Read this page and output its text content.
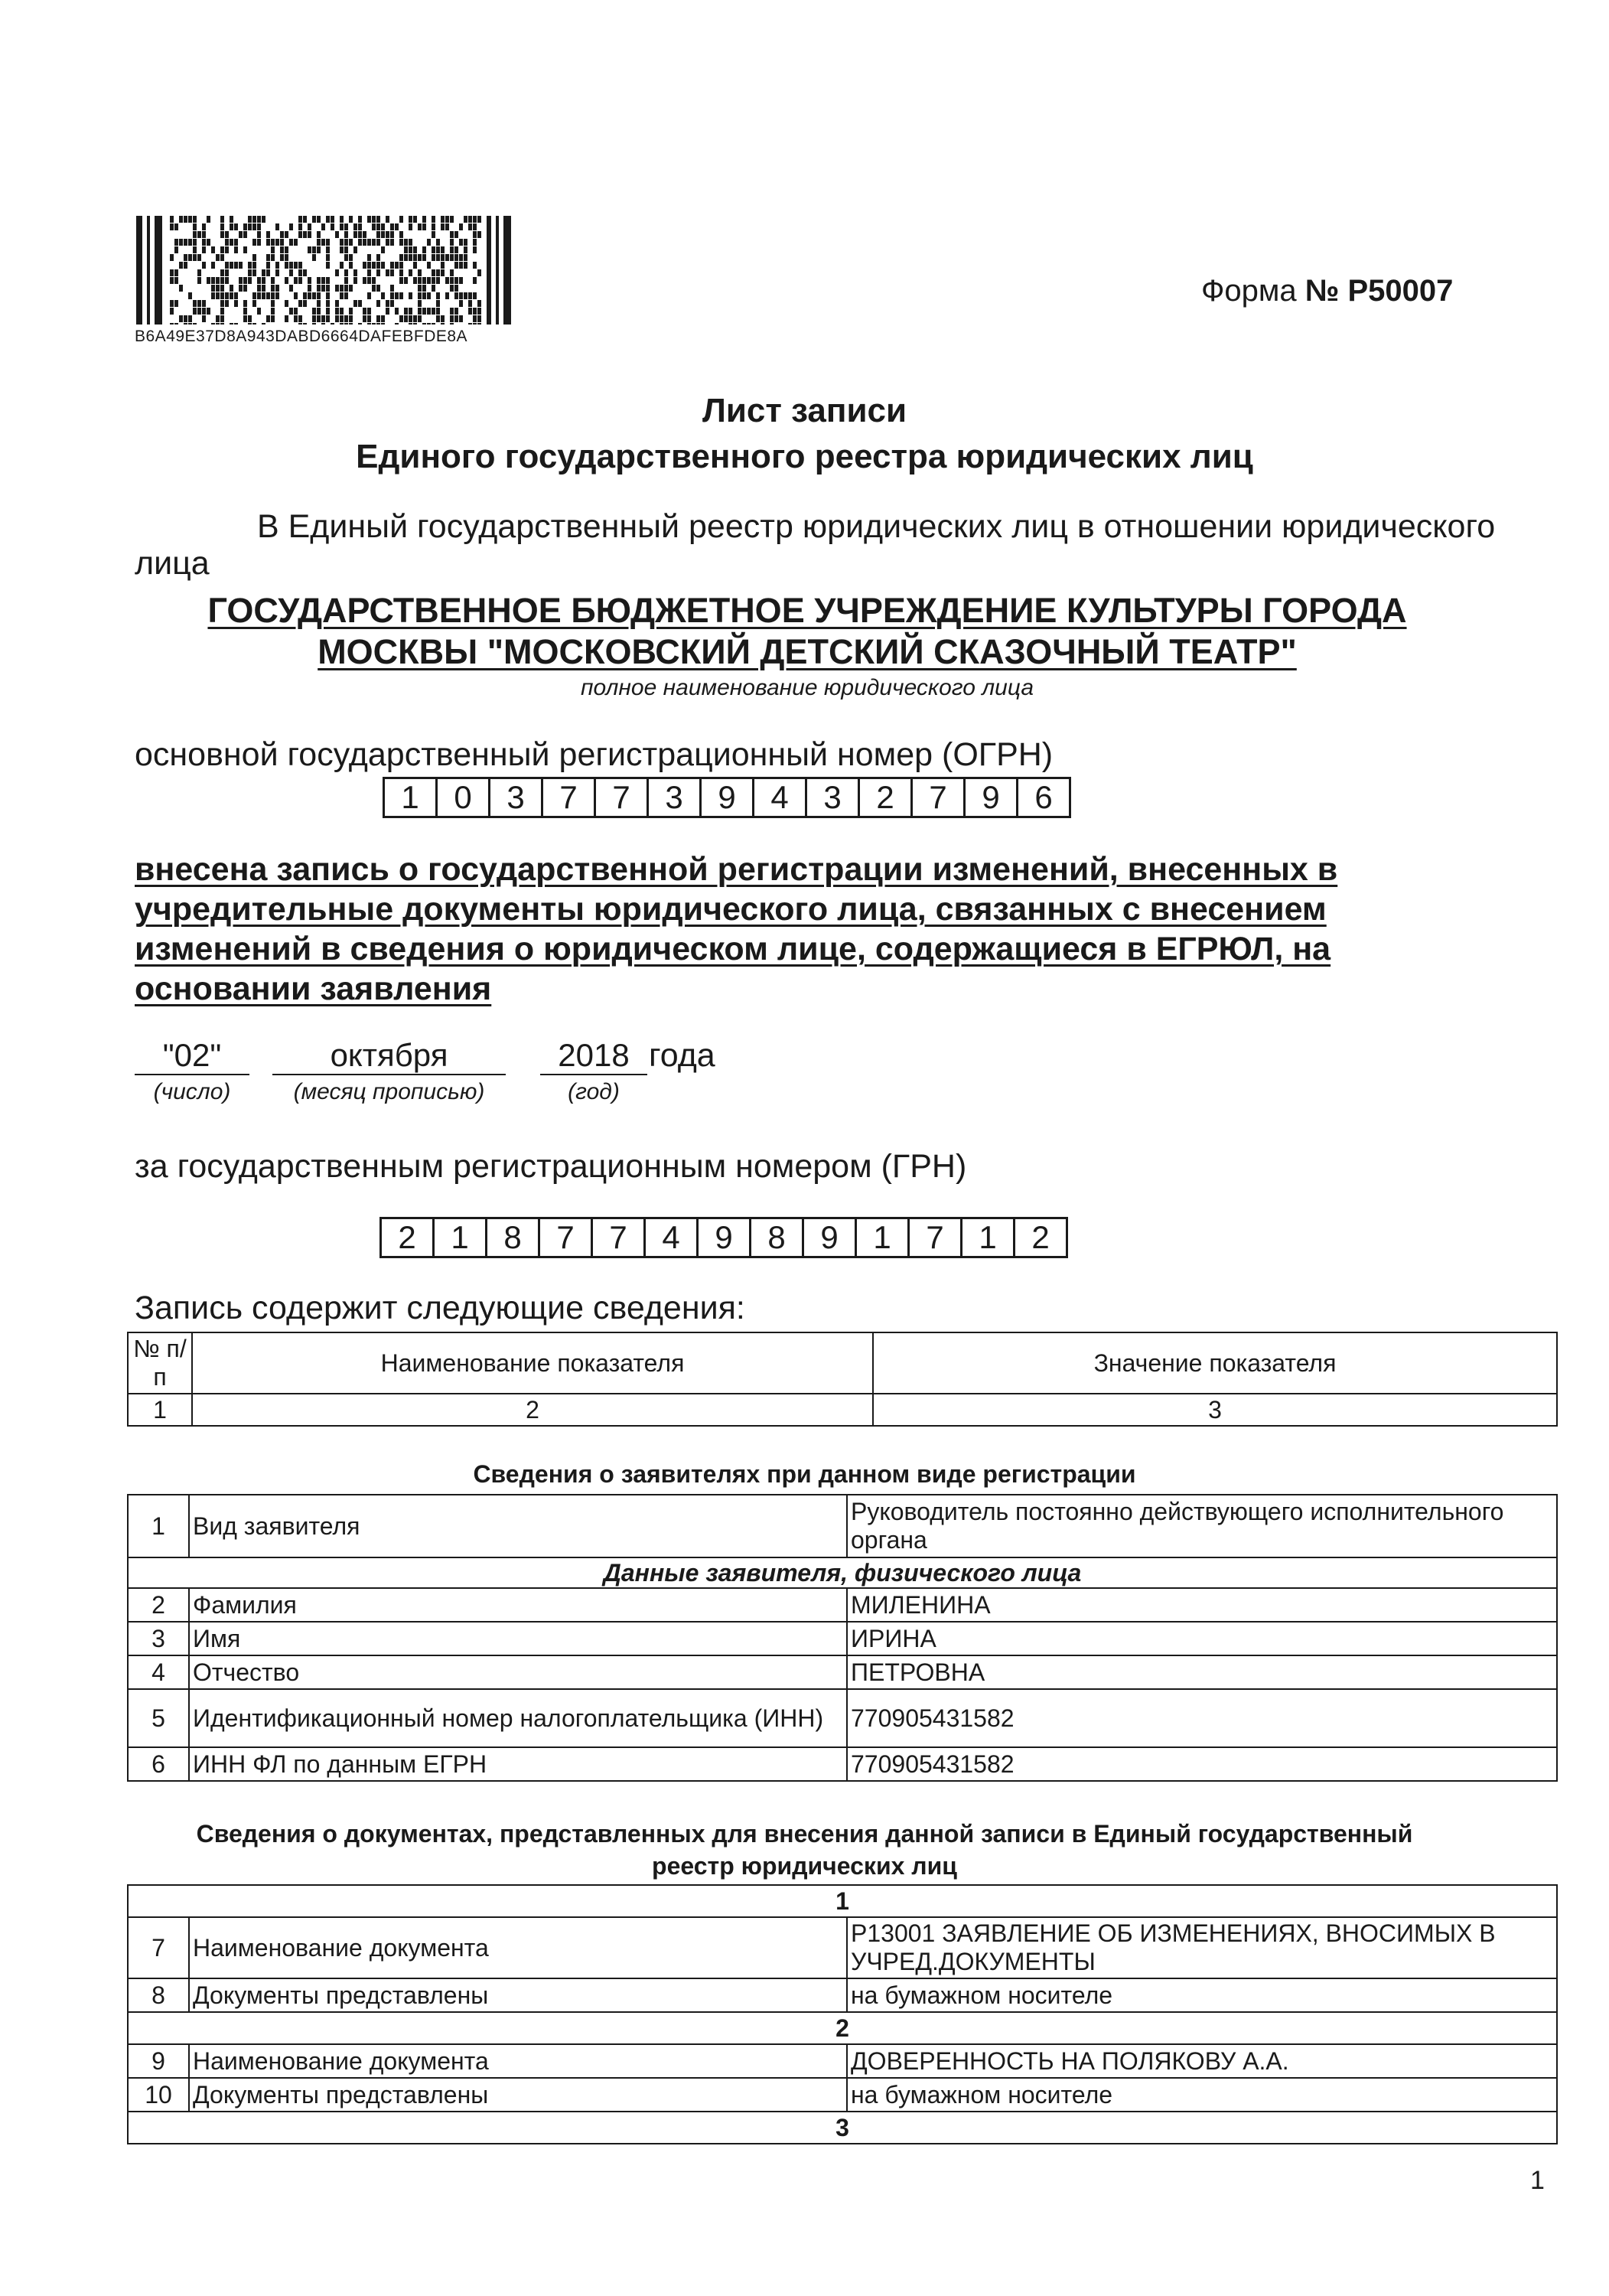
B6A49E37D8A943DABD6664DAFEBFDE8A
Форма № Р50007
Лист записи
Единого государственного реестра юридических лиц
В Единый государственный реестр юридических лиц в отношении юридического
лица
ГОСУДАРСТВЕННОЕ БЮДЖЕТНОЕ УЧРЕЖДЕНИЕ КУЛЬТУРЫ ГОРОДА
МОСКВЫ "МОСКОВСКИЙ ДЕТСКИЙ СКАЗОЧНЫЙ ТЕАТР"
полное наименование юридического лица
основной государственный регистрационный номер (ОГРН)
1	0	3	7	7	3	9	4	3	2	7	9	6
внесена запись о государственной регистрации изменений, внесенных в
учредительные документы юридического лица, связанных с внесением
изменений в сведения о юридическом лице, содержащиеся в ЕГРЮЛ, на
основании заявления
"02"	октября	2018 года
(число)	(месяц прописью)	(год)
за государственным регистрационным номером (ГРН)
2	1	8	7	7	4	9	8	9	1	7	1	2
Запись содержит следующие сведения:
№ п/п	Наименование показателя	Значение показателя
1	2	3
Сведения о заявителях при данном виде регистрации
1	Вид заявителя	Руководитель постоянно действующего исполнительного органа
Данные заявителя, физического лица		
2	Фамилия	МИЛЕНИНА
3	Имя	ИРИНА
4	Отчество	ПЕТРОВНА
5	Идентификационный номер налогоплательщика (ИНН)	770905431582
6	ИНН ФЛ по данным ЕГРН	770905431582
Сведения о документах, представленных для внесения данной записи в Единый государственный
реестр юридических лиц
1		
7	Наименование документа	Р13001 ЗАЯВЛЕНИЕ ОБ ИЗМЕНЕНИЯХ, ВНОСИМЫХ В УЧРЕД.ДОКУМЕНТЫ
8	Документы представлены	на бумажном носителе
2		
9	Наименование документа	ДОВЕРЕННОСТЬ НА ПОЛЯКОВУ А.А.
10	Документы представлены	на бумажном носителе
3		
1
